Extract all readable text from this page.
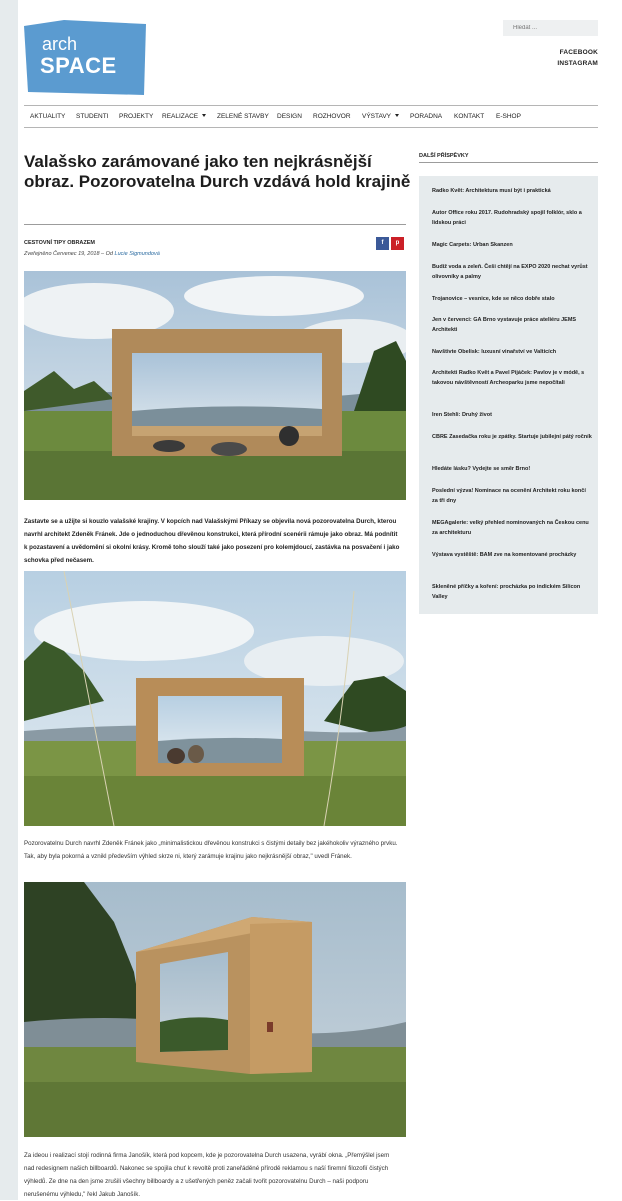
arch
SPACE
Hledat ...
FACEBOOK
INSTAGRAM
AKTUALITY STUDENTI PROJEKTY REALIZACE	ZELENÉ STAVBY DESIGN ROZHOVOR VÝSTAVY	PORADNA KONTAKT E-SHOP
Valašsko zarámované jako ten nejkrásnější obraz. Pozorovatelna Durch vzdává hold krajině
CESTOVNÍ TIPY OBRAZEM
Zveřejněno Červenec 19, 2018 – Od Lucie Sigmundová
f	p

Zastavte se a užijte si kouzlo valašské krajiny. V kopcích nad Valašskými Příkazy se objevila nová pozorovatelna Durch, kterou navrhl architekt Zdeněk Fránek. Jde o jednoduchou dřevěnou konstrukci, která přírodní scenérii rámuje jako obraz. Má podnítit k pozastavení a uvědomění si okolní krásy. Kromě toho slouží také jako posezení pro kolemjdoucí, zastávka na posvačení i jako schovka před nečasem.

Pozorovatelnu Durch navrhl Zdeněk Fránek jako „minimalistickou dřevěnou konstrukci s čistými detaily bez jakéhokoliv výrazného prvku. Tak, aby byla pokorná a vznikl především výhled skrze ni, který zarámuje krajinu jako nejkrásnější obraz," uvedl Fránek.

Za ideou i realizací stojí rodinná firma Janošík, která pod kopcem, kde je pozorovatelna Durch usazena, vyrábí okna. „Přemýšlel jsem nad redesignem našich billboardů. Nakonec se spojila chuť k revoltě proti zaneřáděné přírodě reklamou s naší firemní filozofií čistých výhledů. Ze dne na den jsme zrušili všechny billboardy a z ušetřených peněz začali tvořit pozorovatelnu Durch – naši podporu nerušenému výhledu," řekl Jakub Janošík.

DALŠÍ PŘÍSPĚVKY
Radko Květ: Architektura musí být i praktická
Autor Office roku 2017. Rudohradský spojil folklór, sklo a lidskou práci
Magic Carpets: Urban Skanzen
Budiž voda a zeleň. Češi chtějí na EXPO 2020 nechat vyrůst olivovníky a palmy
Trojanovice – vesnice, kde se něco dobře stalo
Jen v červenci: GA Brno vystavuje práce ateliéru JEMS Architekti
Navštivte Obelisk: luxusní vinařství ve Valticích
Architekti Radko Květ a Pavel Pijáček: Pavlov je v módě, s takovou návštěvností Archeoparku jsme nepočítali
Iren Stehli: Druhý život
CBRE Zasedačka roku je zpátky. Startuje jubilejní pátý ročník
Hledáte lásku? Vydejte se směr Brno!
Poslední výzva! Nominace na ocenění Architekt roku končí za tři dny
MEGAgalerie: velký přehled nominovaných na Českou cenu za architekturu
Výstava vystěště: BAM zve na komentované procházky
Skleněné příčky a koření: procházka po indickém Silicon Valley
